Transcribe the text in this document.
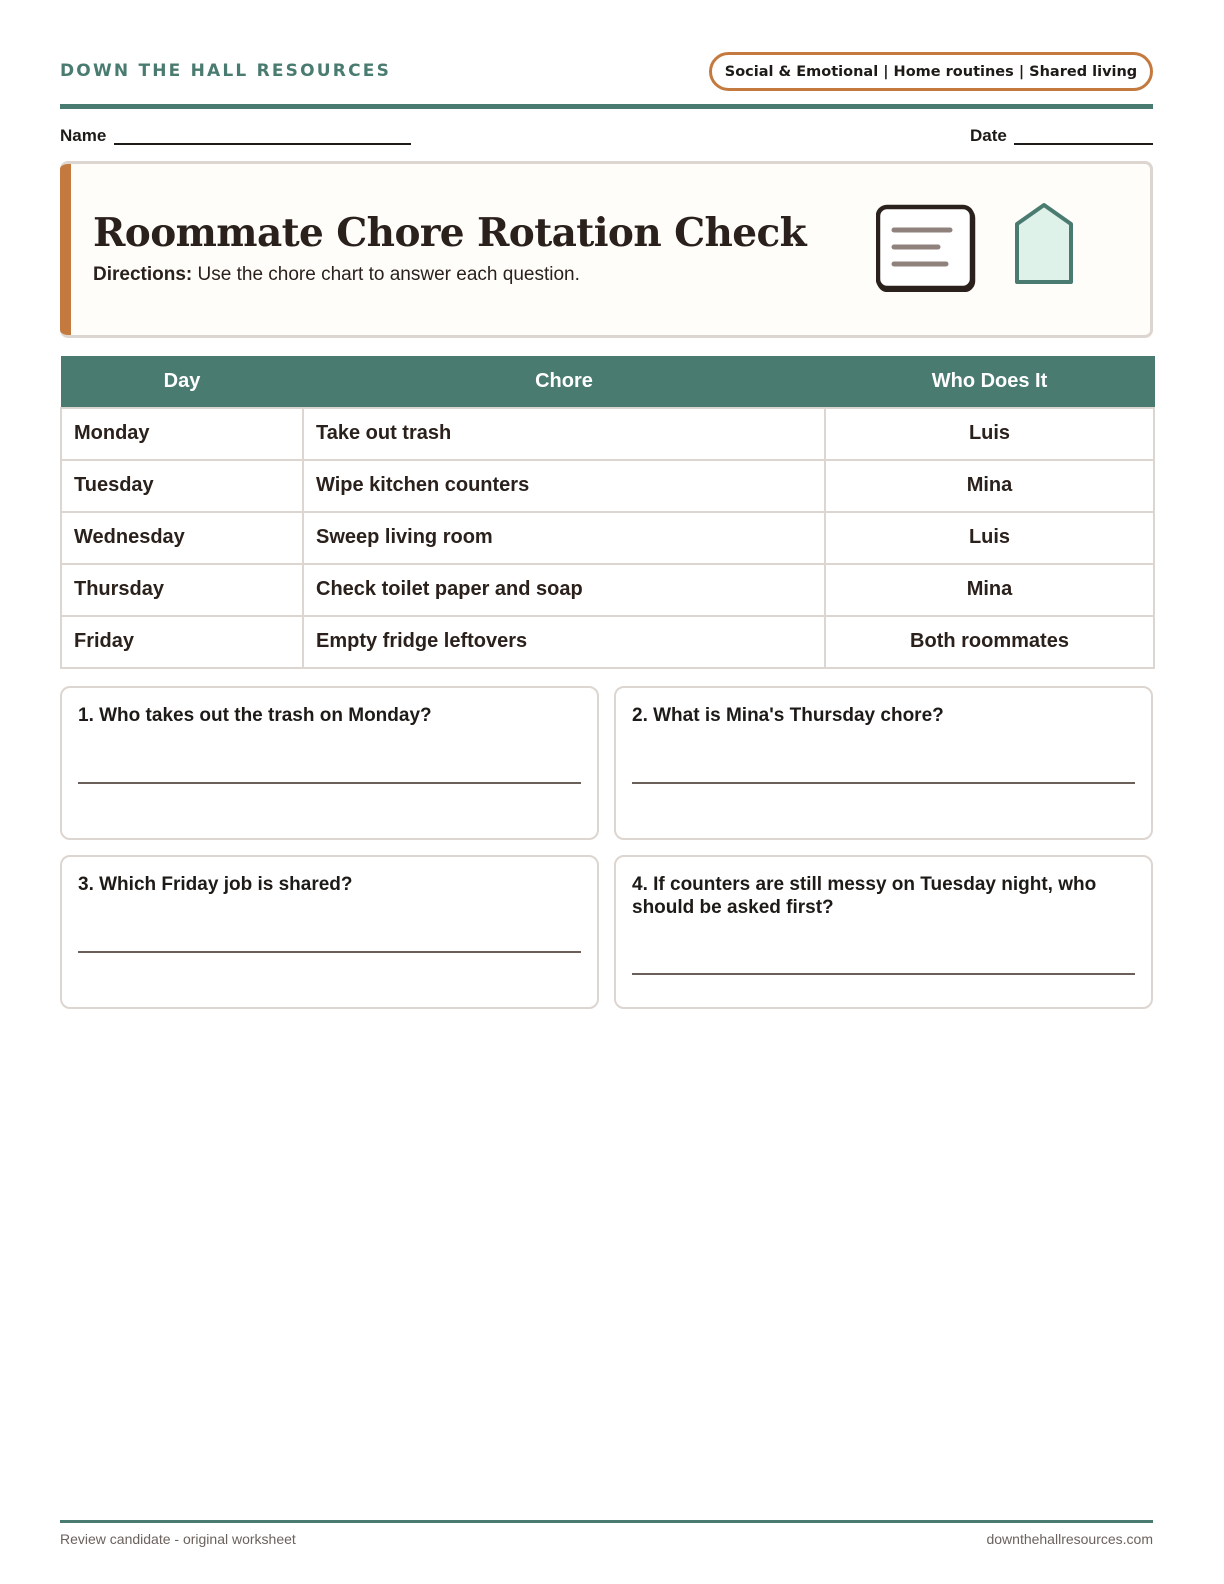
DOWN THE HALL RESOURCES	Social & Emotional | Home routines | Shared living
Name	Date
Roommate Chore Rotation Check
Directions: Use the chore chart to answer each question.
Day	Chore	Who Does It
Monday	Take out trash	Luis
Tuesday	Wipe kitchen counters	Mina
Wednesday	Sweep living room	Luis
Thursday	Check toilet paper and soap	Mina
Friday	Empty fridge leftovers	Both roommates
1. Who takes out the trash on Monday?	2. What is Mina's Thursday chore?
3. Which Friday job is shared?	4. If counters are still messy on Tuesday night, who should be asked first?
Review candidate - original worksheet	downthehallresources.com
